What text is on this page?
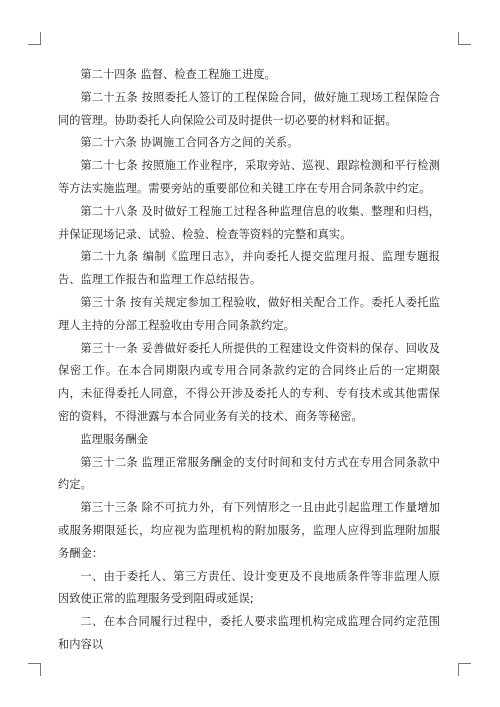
第二十四条 监督、检查工程施工进度。

第二十五条 按照委托人签订的工程保险合同，做好施工现场工程保险合同的管理。协助委托人向保险公司及时提供一切必要的材料和证据。

第二十六条 协调施工合同各方之间的关系。

第二十七条 按照施工作业程序，采取旁站、巡视、跟踪检测和平行检测等方法实施监理。需要旁站的重要部位和关键工序在专用合同条款中约定。

第二十八条 及时做好工程施工过程各种监理信息的收集、整理和归档，并保证现场记录、试验、检验、检查等资料的完整和真实。

第二十九条 编制《监理日志》，并向委托人提交监理月报、监理专题报告、监理工作报告和监理工作总结报告。

第三十条 按有关规定参加工程验收，做好相关配合工作。委托人委托监理人主持的分部工程验收由专用合同条款约定。

第三十一条 妥善做好委托人所提供的工程建设文件资料的保存、回收及保密工作。在本合同期限内或专用合同条款约定的合同终止后的一定期限内，未征得委托人同意，不得公开涉及委托人的专利、专有技术或其他需保密的资料，不得泄露与本合同业务有关的技术、商务等秘密。

监理服务酬金

第三十二条 监理正常服务酬金的支付时间和支付方式在专用合同条款中约定。

第三十三条 除不可抗力外，有下列情形之一且由此引起监理工作量增加或服务期限延长，均应视为监理机构的附加服务，监理人应得到监理附加服务酬金：

一、由于委托人、第三方责任、设计变更及不良地质条件等非监理人原因致使正常的监理服务受到阻碍或延误;

二、在本合同履行过程中，委托人要求监理机构完成监理合同约定范围和内容以
